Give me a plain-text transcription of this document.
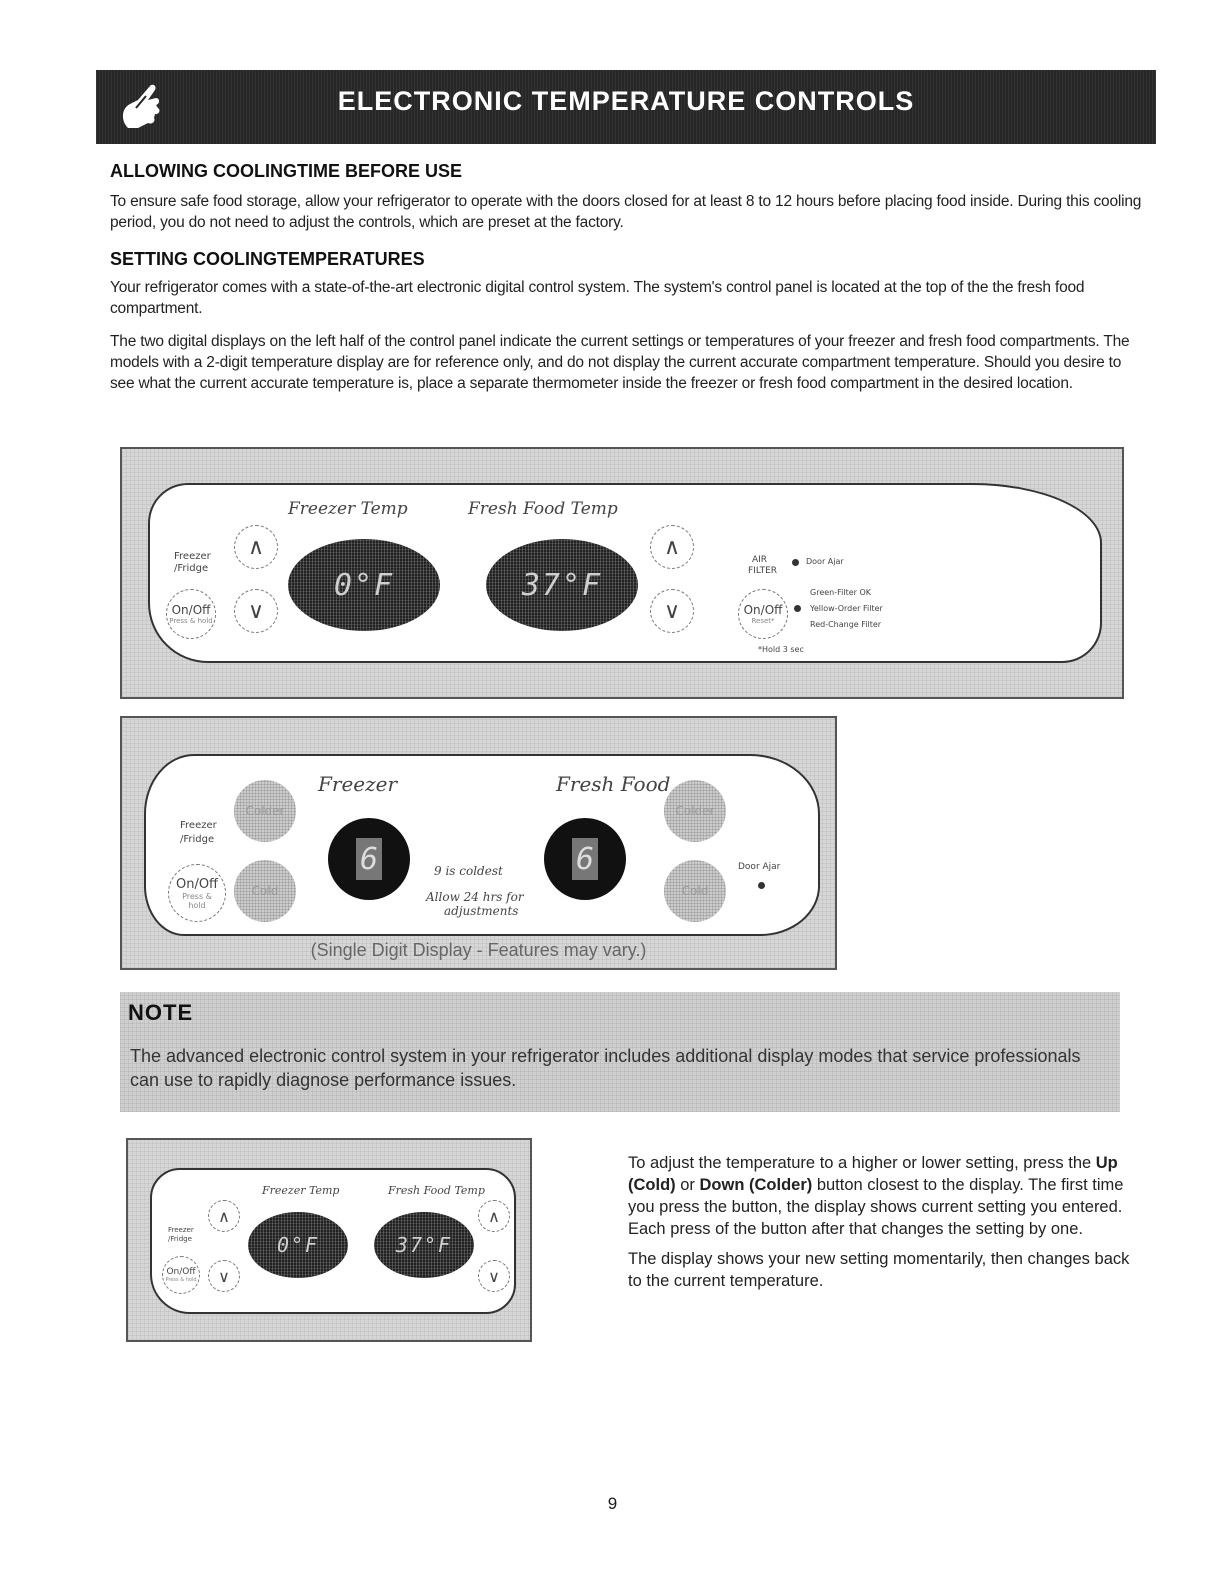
ELECTRONIC TEMPERATURE CONTROLS
ALLOWING COOLINGTIME BEFORE USE

To ensure safe food storage, allow your refrigerator to operate with the doors closed for at least 8 to 12 hours before placing food inside. During this cooling period, you do not need to adjust the controls, which are preset at the factory.

SETTING COOLINGTEMPERATURES

Your refrigerator comes with a state-of-the-art electronic digital control system. The system's control panel is located at the top of the the fresh food compartment.

The two digital displays on the left half of the control panel indicate the current settings or temperatures of your freezer and fresh food compartments. The models with a 2-digit temperature display are for reference only, and do not display the current accurate compartment temperature. Should you desire to see what the current accurate temperature is, place a separate thermometer inside the freezer or fresh food compartment in the desired location.

Freezer Temp	Fresh Food Temp
Freezer
/Fridge
On/Off
Press & hold
∧
∨
0°F	37°F
∧
∨
AIR
FILTER
Door Ajar
On/Off
Reset*
Green-Filter OK
Yellow-Order Filter
Red-Change Filter
*Hold 3 sec
Freezer	Fresh Food
Freezer
/Fridge
On/Off
Press &
hold
Colder
Cold
6	6
9 is coldest
Allow 24 hrs for
adjustments
Colder
Cold
Door Ajar
(Single Digit Display - Features may vary.)
NOTE
The advanced electronic control system in your refrigerator includes additional display modes that service professionals can use to rapidly diagnose performance issues.
Freezer Temp	Fresh Food Temp
Freezer
/Fridge
On/Off
Press & hold
∧
∨
0°F	37°F
∧
∨

To adjust the temperature to a higher or lower setting, press the Up (Cold) or Down (Colder) button closest to the display. The first time you press the button, the display shows current setting you entered. Each press of the button after that changes the setting by one.

The display shows your new setting momentarily, then changes back to the current temperature.

9
